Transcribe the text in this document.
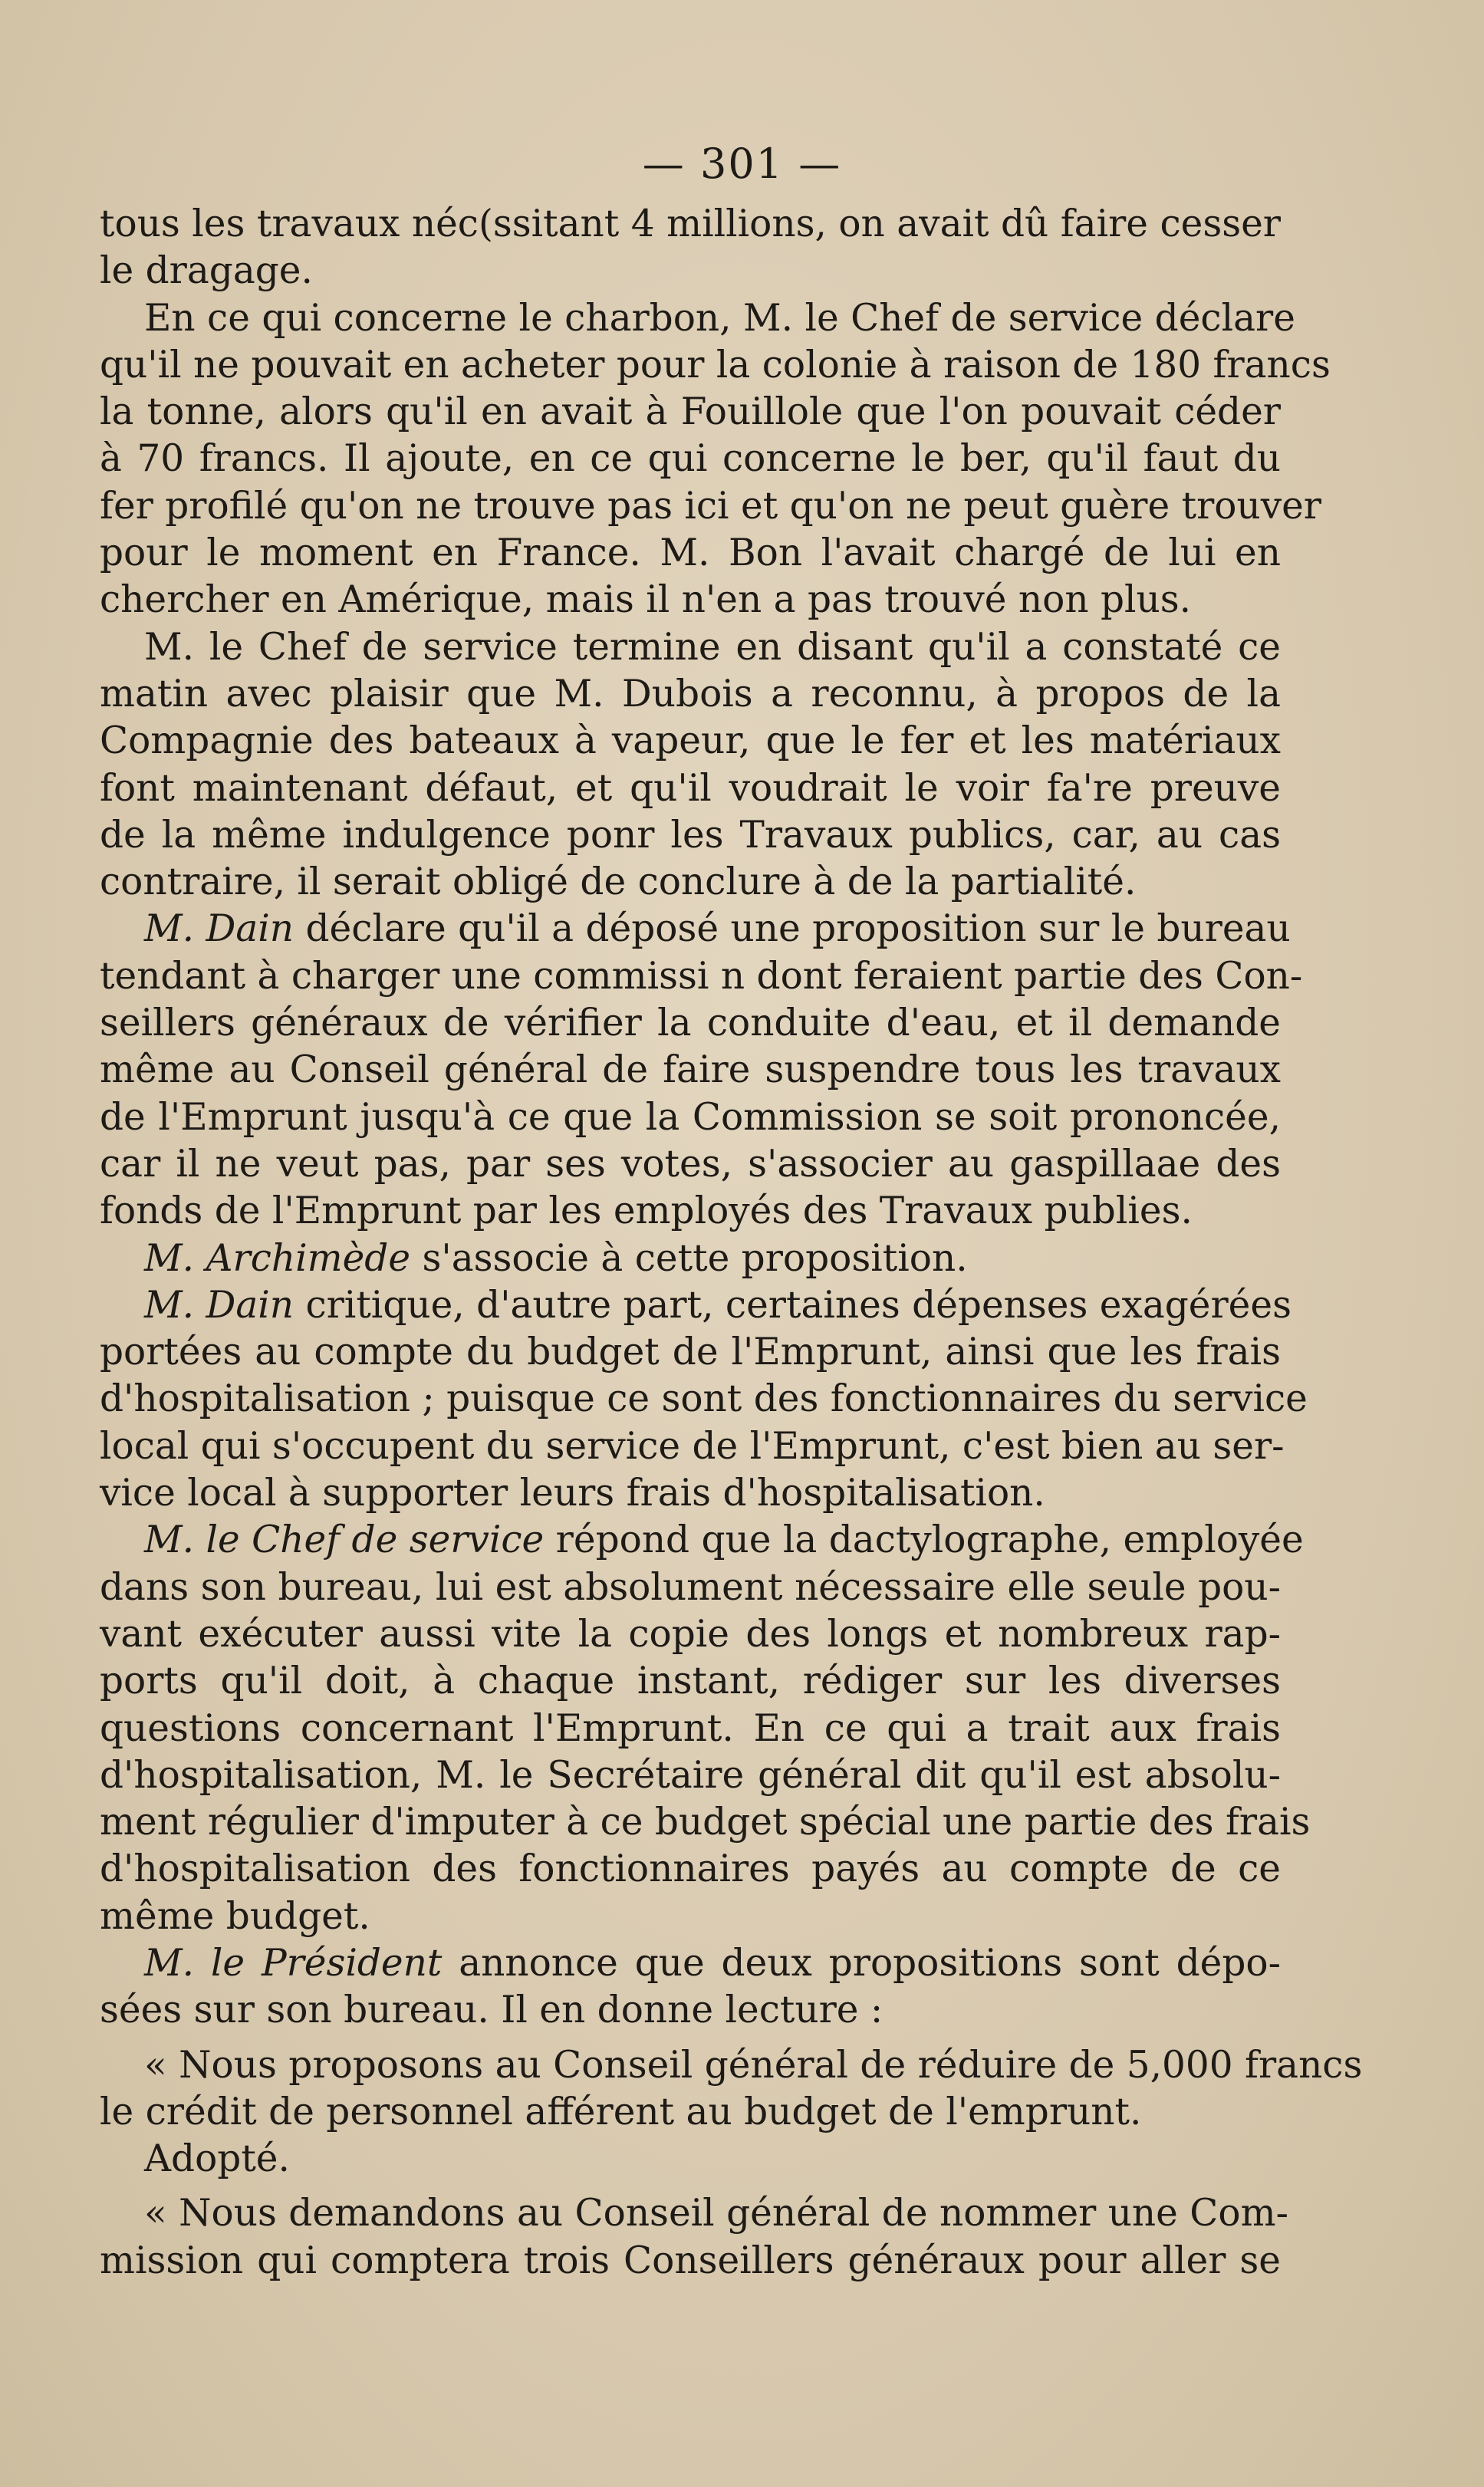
— 301 —
tous les travaux néc(ssitant 4 millions, on avait dû faire cesser
le dragage.
En ce qui concerne le charbon, M. le Chef de service déclare
qu'il ne pouvait en acheter pour la colonie à raison de 180 francs
la tonne, alors qu'il en avait à Fouillole que l'on pouvait céder
à 70 francs. Il ajoute, en ce qui concerne le ber, qu'il faut du
fer profilé qu'on ne trouve pas ici et qu'on ne peut guère trouver
pour le moment en France. M. Bon l'avait chargé de lui en
chercher en Amérique, mais il n'en a pas trouvé non plus.
M. le Chef de service termine en disant qu'il a constaté ce
matin avec plaisir que M. Dubois a reconnu, à propos de la
Compagnie des bateaux à vapeur, que le fer et les matériaux
font maintenant défaut, et qu'il voudrait le voir fa're preuve
de la même indulgence ponr les Travaux publics, car, au cas
contraire, il serait obligé de conclure à de la partialité.
M. Dain déclare qu'il a déposé une proposition sur le bureau
tendant à charger une commissi n dont feraient partie des Con-
seillers généraux de vérifier la conduite d'eau, et il demande
même au Conseil général de faire suspendre tous les travaux
de l'Emprunt jusqu'à ce que la Commission se soit prononcée,
car il ne veut pas, par ses votes, s'associer au gaspillaae des
fonds de l'Emprunt par les employés des Travaux publies.
M. Archimède s'associe à cette proposition.
M. Dain critique, d'autre part, certaines dépenses exagérées
portées au compte du budget de l'Emprunt, ainsi que les frais
d'hospitalisation ; puisque ce sont des fonctionnaires du service
local qui s'occupent du service de l'Emprunt, c'est bien au ser-
vice local à supporter leurs frais d'hospitalisation.
M. le Chef de service répond que la dactylographe, employée
dans son bureau, lui est absolument nécessaire elle seule pou-
vant exécuter aussi vite la copie des longs et nombreux rap-
ports qu'il doit, à chaque instant, rédiger sur les diverses
questions concernant l'Emprunt. En ce qui a trait aux frais
d'hospitalisation, M. le Secrétaire général dit qu'il est absolu-
ment régulier d'imputer à ce budget spécial une partie des frais
d'hospitalisation des fonctionnaires payés au compte de ce
même budget.
M. le Président annonce que deux propositions sont dépo-
sées sur son bureau. Il en donne lecture :
« Nous proposons au Conseil général de réduire de 5,000 francs
le crédit de personnel afférent au budget de l'emprunt.
Adopté.
« Nous demandons au Conseil général de nommer une Com-
mission qui comptera trois Conseillers généraux pour aller se
